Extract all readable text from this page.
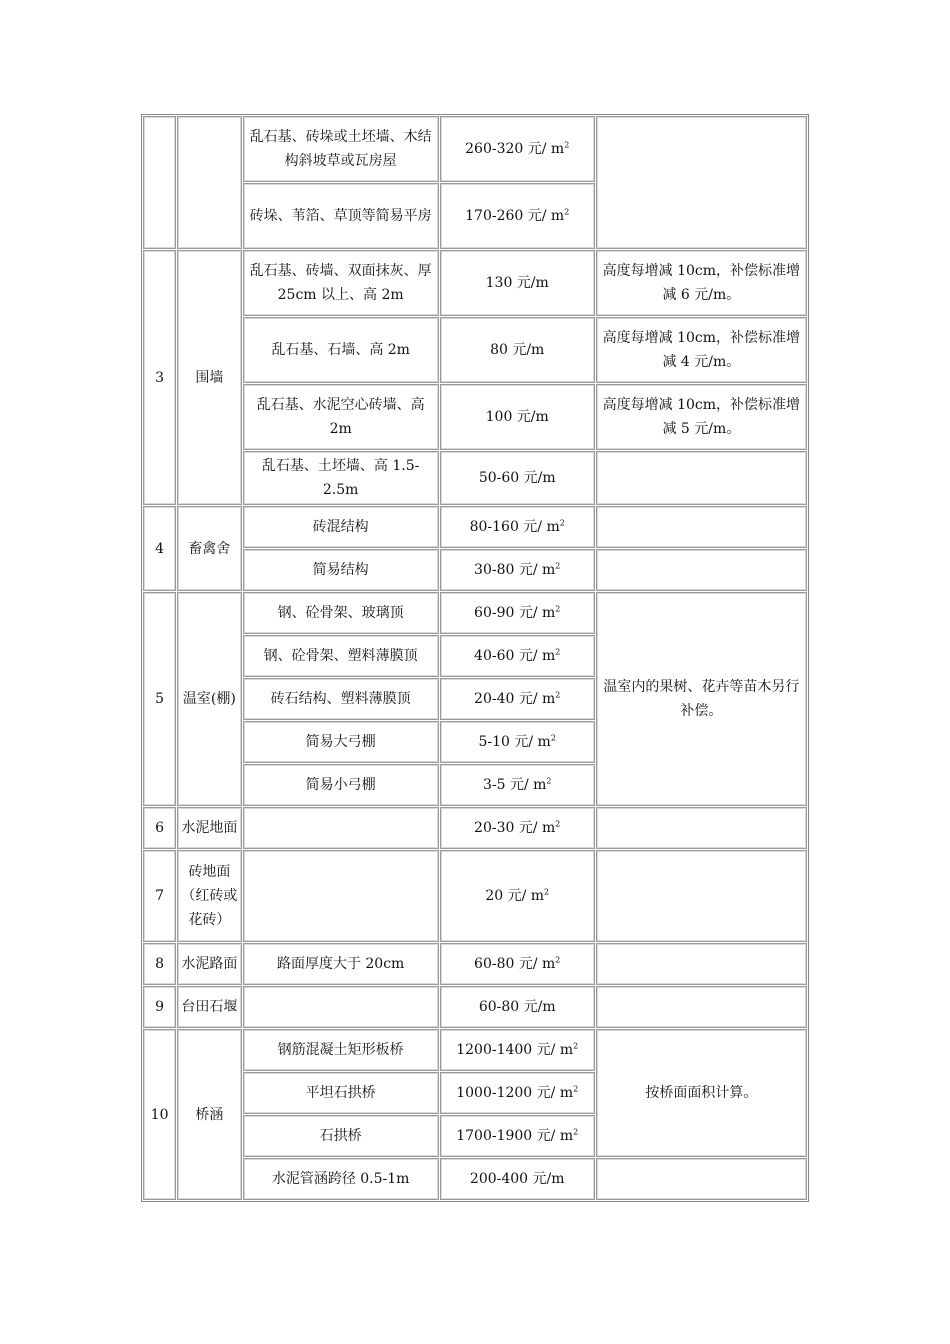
		乱石基、砖垛或土坯墙、木结构斜坡草或瓦房屋	260-320 元/ $m^2$	
		砖垛、苇箔、草顶等简易平房	170-260 元/ $m^2$
3	围墙	乱石基、砖墙、双面抹灰、厚 25cm 以上、高 2m	130 元/m	高度每增减 10cm，补偿标准增减 6 元/m。
		乱石基、石墙、高 2m	80 元/m	高度每增减 10cm，补偿标准增减 4 元/m。
		乱石基、水泥空心砖墙、高 2m	100 元/m	高度每增减 10cm，补偿标准增减 5 元/m。
		乱石基、土坯墙、高 1.5-2.5m	50-60 元/m	
4	畜禽舍	砖混结构	80-160 元/ $m^2$	
		简易结构	30-80 元/ $m^2$	
5	温室(棚)	钢、砼骨架、玻璃顶	60-90 元/ $m^2$	温室内的果树、花卉等苗木另行补偿。
		钢、砼骨架、塑料薄膜顶	40-60 元/ $m^2$
		砖石结构、塑料薄膜顶	20-40 元/ $m^2$
		简易大弓棚	5-10 元/ $m^2$
		简易小弓棚	3-5 元/ $m^2$
6	水泥地面		20-30 元/ $m^2$	
7	砖地面（红砖或花砖）		20 元/ $m^2$	
8	水泥路面	路面厚度大于 20cm	60-80 元/ $m^2$	
9	台田石堰		60-80 元/m	
10	桥涵	钢筋混凝土矩形板桥	1200-1400 元/ $m^2$	按桥面面积计算。
		平坦石拱桥	1000-1200 元/ $m^2$
		石拱桥	1700-1900 元/ $m^2$
		水泥管涵跨径 0.5-1m	200-400 元/m	
